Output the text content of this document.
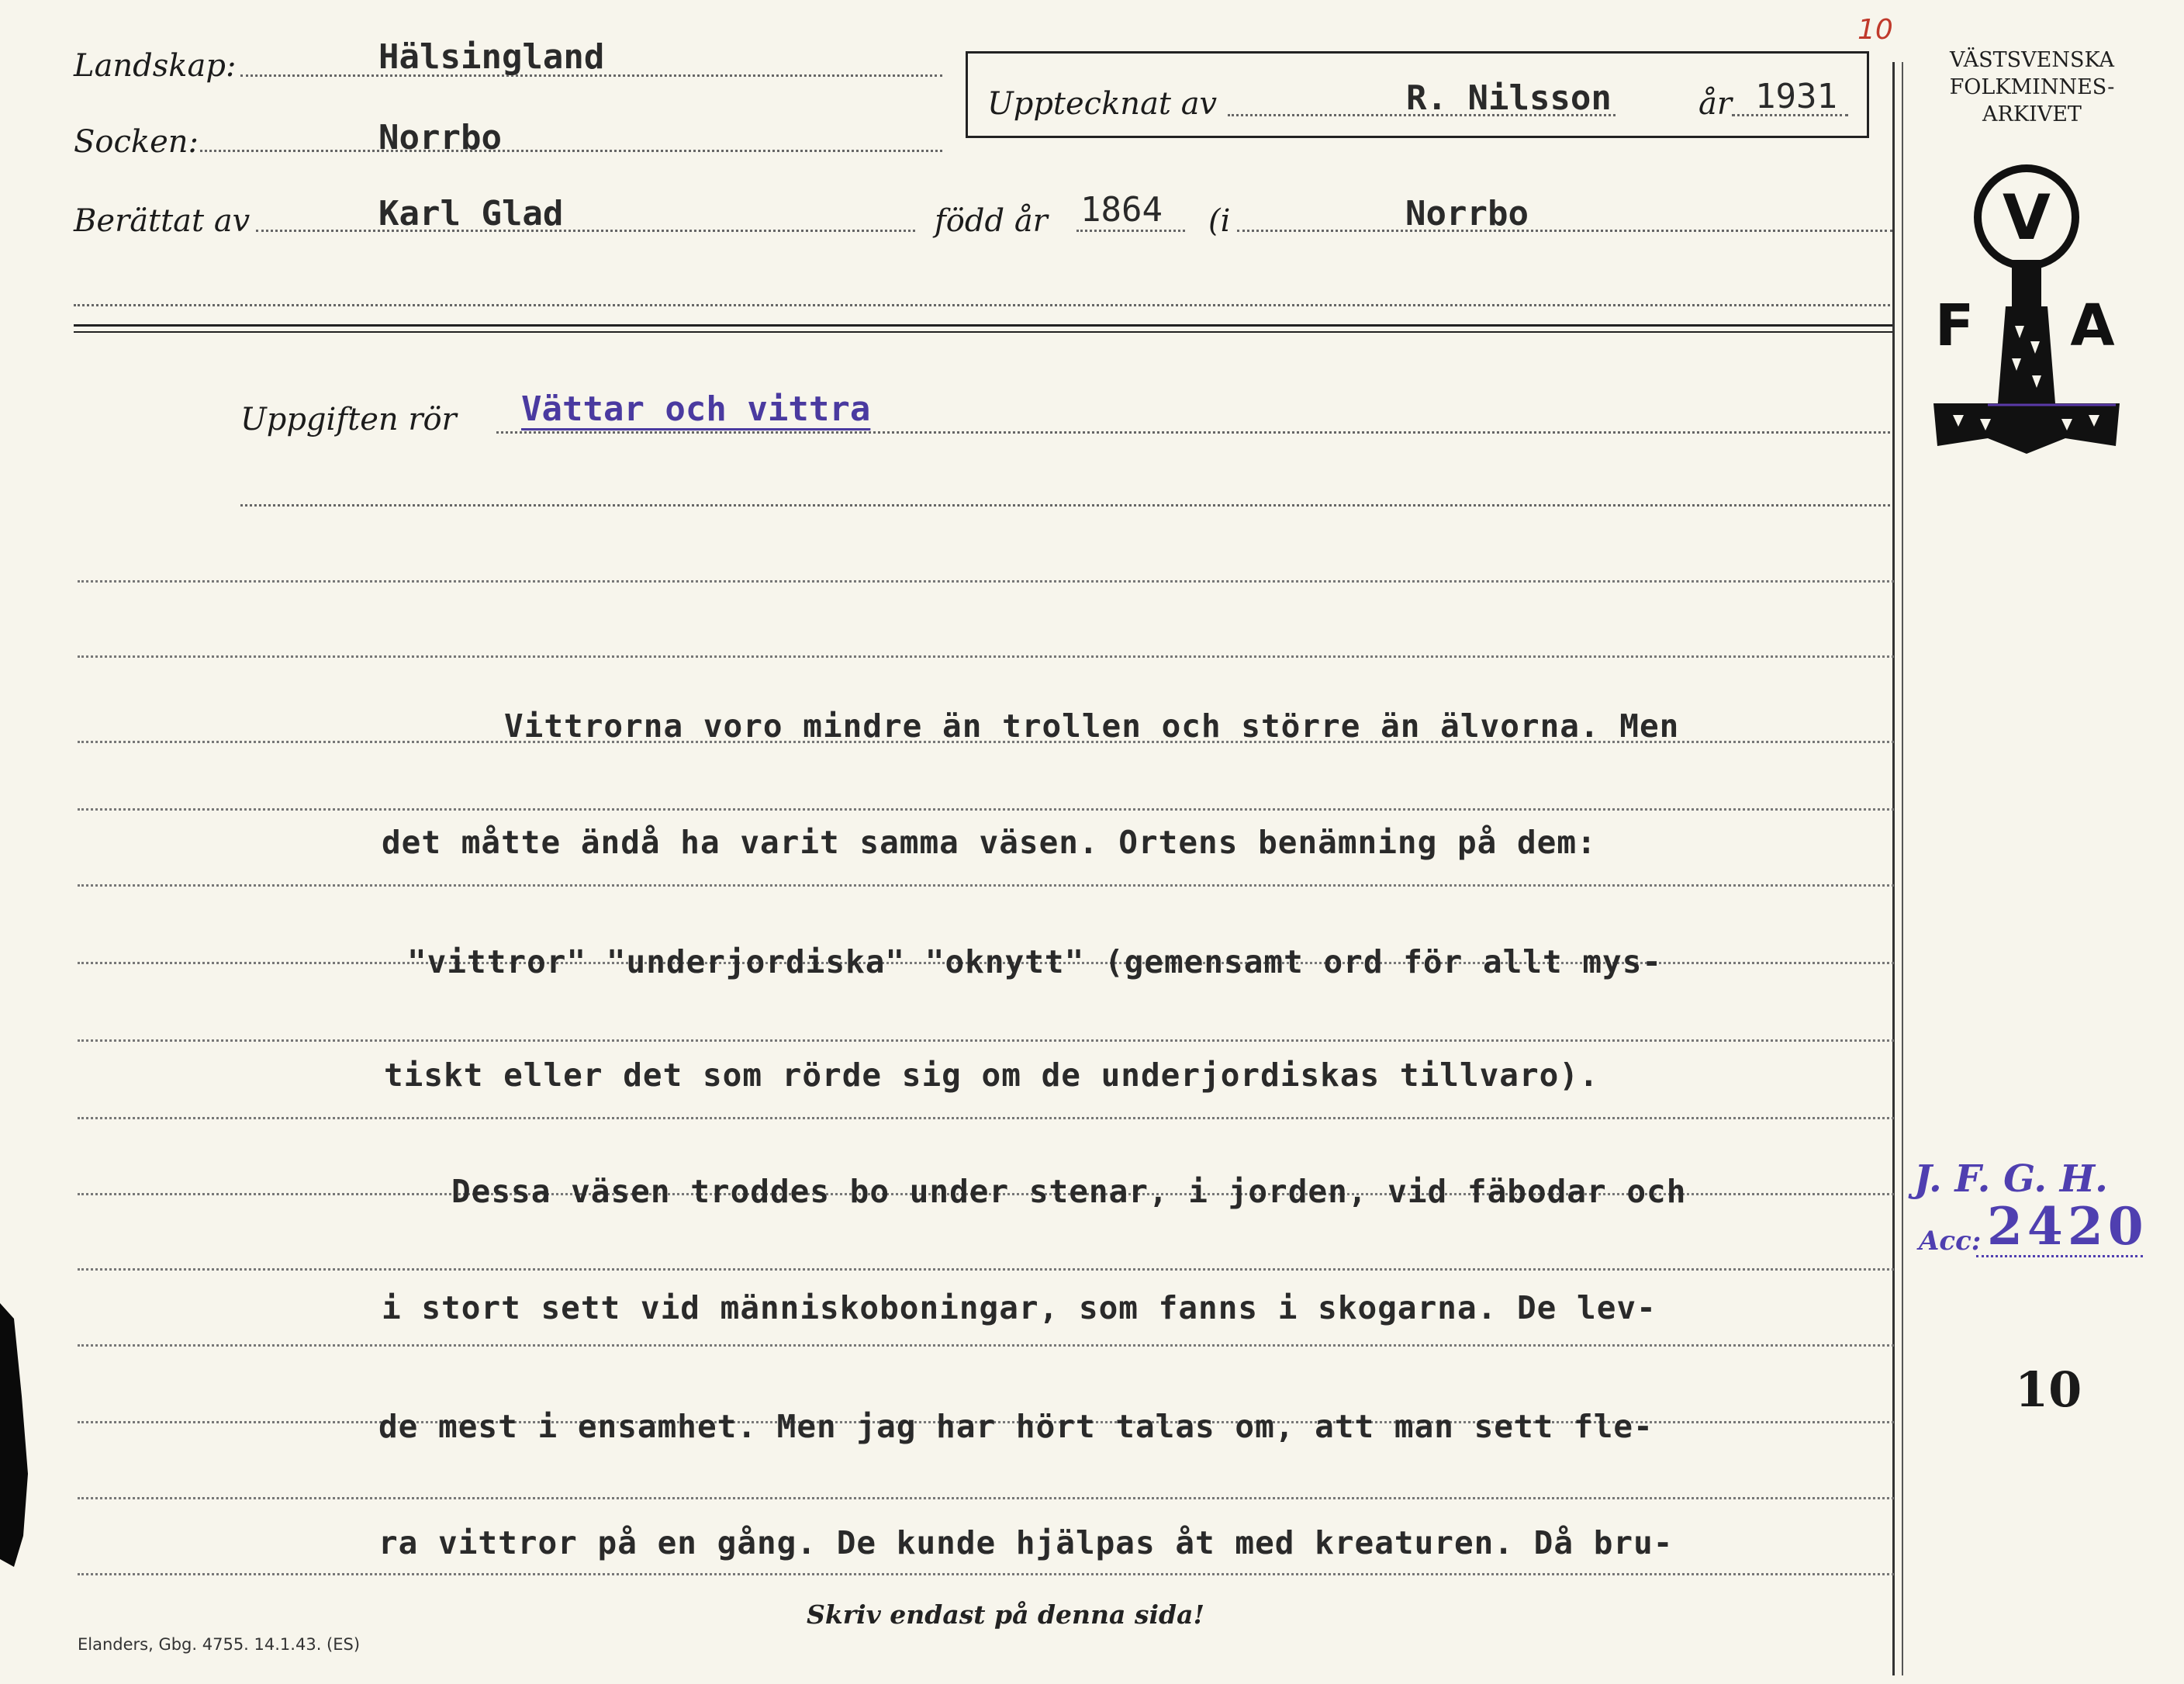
10
Landskap:	Hälsingland
Socken:	Norrbo
Berättat av	Karl Glad	född år 1864 (i	Norrbo
Upptecknat av	R. Nilsson	år 1931
VÄSTSVENSKA
FOLKMINNES-
ARKIVET
V
F A
Uppgiften rör Vättar och vittra
Vittrorna voro mindre än trollen och större än älvorna. Men
det måtte ändå ha varit samma väsen. Ortens benämning på dem:
"vittror" "underjordiska" "oknytt" (gemensamt ord för allt mys-
tiskt eller det som rörde sig om de underjordiskas tillvaro).
Dessa väsen troddes bo under stenar, i jorden, vid fäbodar och
i stort sett vid människoboningar, som fanns i skogarna. De lev-
de mest i ensamhet. Men jag har hört talas om, att man sett fle-
ra vittror på en gång. De kunde hjälpas åt med kreaturen. Då bru-
J. F. G. H.
Acc: 2420
10
Skriv endast på denna sida!
Elanders, Gbg. 4755. 14.1.43. (ES)
